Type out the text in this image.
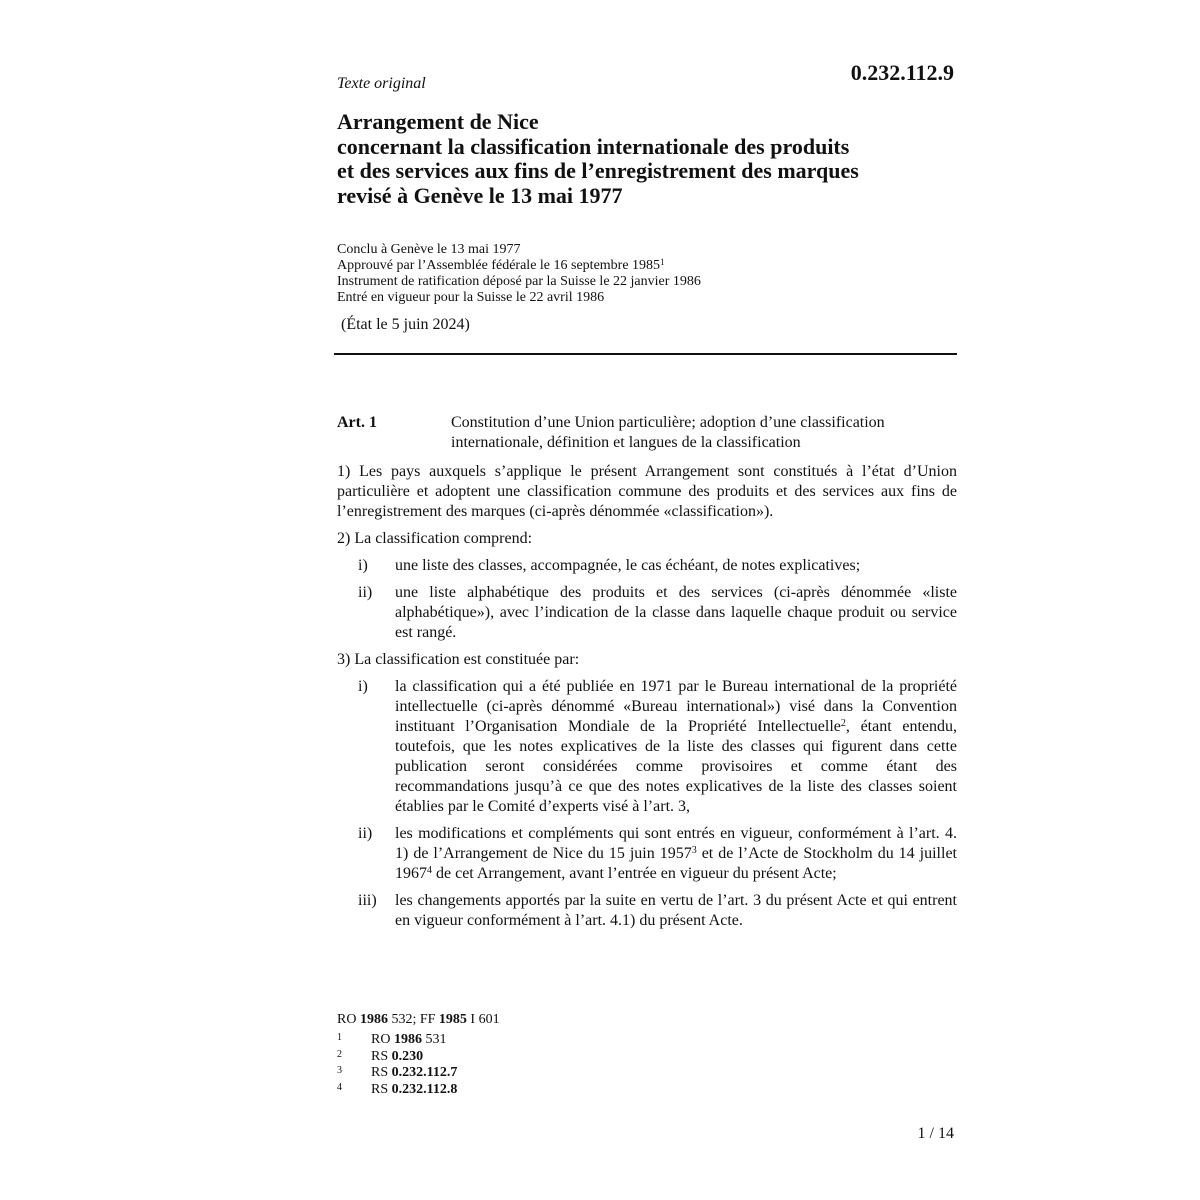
Texte original	0.232.112.9
Arrangement de Nice
concernant la classification internationale des produits
et des services aux fins de l’enregistrement des marques
revisé à Genève le 13 mai 1977
Conclu à Genève le 13 mai 1977
Approuvé par l’Assemblée fédérale le 16 septembre 1985$^1$
Instrument de ratification déposé par la Suisse le 22 janvier 1986
Entré en vigueur pour la Suisse le 22 avril 1986
(État le 5 juin 2024)
Art. 1	Constitution d’une Union particulière; adoption d’une classification internationale, définition et langues de la classification

1) Les pays auxquels s’applique le présent Arrangement sont constitués à l’état d’Union particulière et adoptent une classification commune des produits et des services aux fins de l’enregistrement des marques (ci-après dénommée «classification»).

2) La classification comprend:

i)	une liste des classes, accompagnée, le cas échéant, de notes explicatives;
ii)	une liste alphabétique des produits et des services (ci-après dénommée «liste alphabétique»), avec l’indication de la classe dans laquelle chaque produit ou service est rangé.

3) La classification est constituée par:

i)	la classification qui a été publiée en 1971 par le Bureau international de la propriété intellectuelle (ci-après dénommé «Bureau international») visé dans la Convention instituant l’Organisation Mondiale de la Propriété Intellectuelle$^2$, étant entendu, toutefois, que les notes explicatives de la liste des classes qui figurent dans cette publication seront considérées comme provisoires et comme étant des recommandations jusqu’à ce que des notes explicatives de la liste des classes soient établies par le Comité d’experts visé à l’art. 3,
ii)	les modifications et compléments qui sont entrés en vigueur, conformément à l’art. 4. 1) de l’Arrangement de Nice du 15 juin 1957$^3$ et de l’Acte de Stockholm du 14 juillet 1967$^4$ de cet Arrangement, avant l’entrée en vigueur du présent Acte;
iii)	les changements apportés par la suite en vertu de l’art. 3 du présent Acte et qui entrent en vigueur conformément à l’art. 4.1) du présent Acte.
RO 1986 532; FF 1985 I 601
1	RO 1986 531
2	RS 0.230
3	RS 0.232.112.7
4	RS 0.232.112.8
1 / 14
